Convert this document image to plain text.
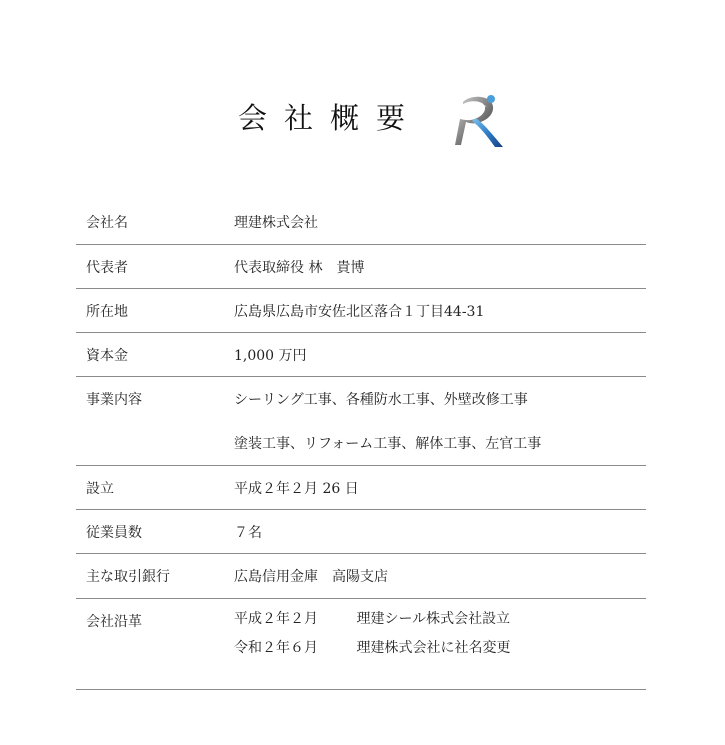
会社概要
会社名	理建株式会社
代表者	代表取締役 林　貴博
所在地	広島県広島市安佐北区落合１丁目44-31
資本金	1,000 万円
事業内容	シーリング工事、各種防水工事、外壁改修工事
塗装工事、リフォーム工事、解体工事、左官工事
設立	平成２年２月 26 日
従業員数	７名
主な取引銀行	広島信用金庫　高陽支店
会社沿革	平成２年２月	理建シール株式会社設立
令和２年６月	理建株式会社に社名変更
